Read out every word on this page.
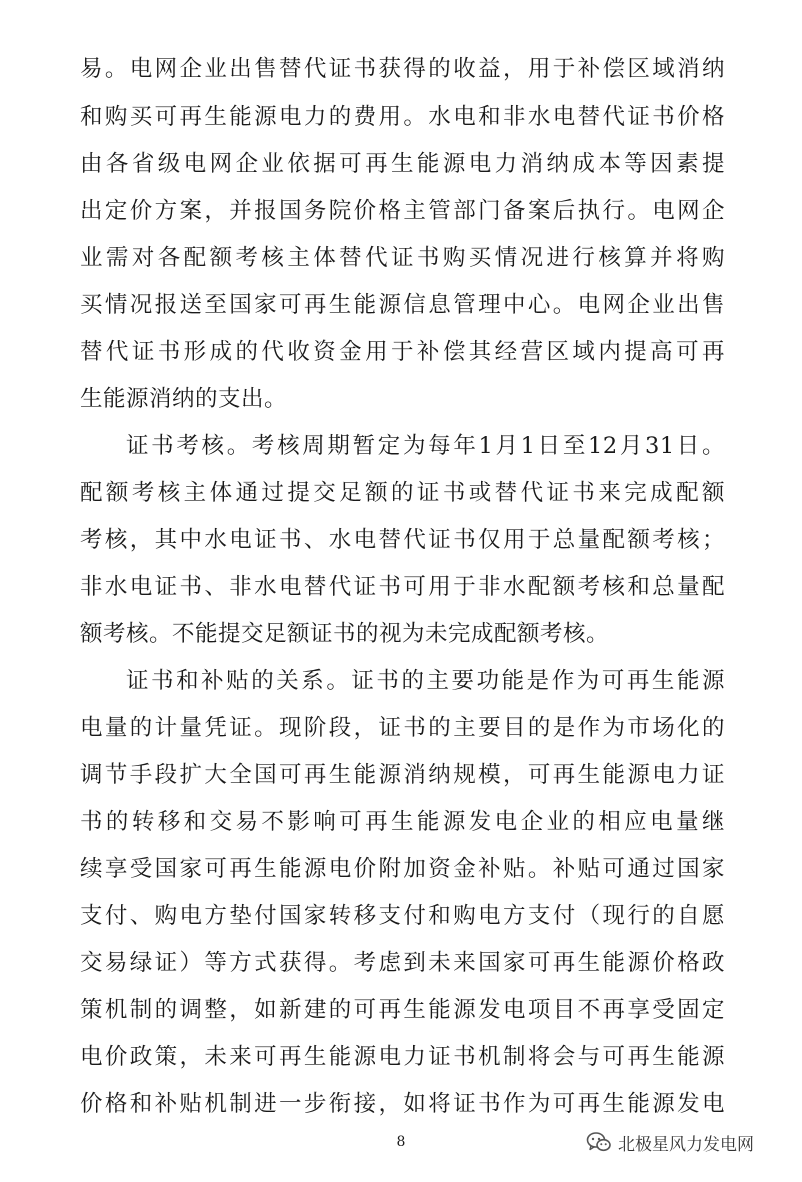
易。电网企业出售替代证书获得的收益，用于补偿区域消纳
和购买可再生能源电力的费用。水电和非水电替代证书价格
由各省级电网企业依据可再生能源电力消纳成本等因素提
出定价方案，并报国务院价格主管部门备案后执行。电网企
业需对各配额考核主体替代证书购买情况进行核算并将购
买情况报送至国家可再生能源信息管理中心。电网企业出售
替代证书形成的代收资金用于补偿其经营区域内提高可再
生能源消纳的支出。
证书考核。考核周期暂定为每年1月1日至12月31日。
配额考核主体通过提交足额的证书或替代证书来完成配额
考核，其中水电证书、水电替代证书仅用于总量配额考核；
非水电证书、非水电替代证书可用于非水配额考核和总量配
额考核。不能提交足额证书的视为未完成配额考核。
证书和补贴的关系。证书的主要功能是作为可再生能源
电量的计量凭证。现阶段，证书的主要目的是作为市场化的
调节手段扩大全国可再生能源消纳规模，可再生能源电力证
书的转移和交易不影响可再生能源发电企业的相应电量继
续享受国家可再生能源电价附加资金补贴。补贴可通过国家
支付、购电方垫付国家转移支付和购电方支付（现行的自愿
交易绿证）等方式获得。考虑到未来国家可再生能源价格政
策机制的调整，如新建的可再生能源发电项目不再享受固定
电价政策，未来可再生能源电力证书机制将会与可再生能源
价格和补贴机制进一步衔接，如将证书作为可再生能源发电
8	北极星风力发电网
